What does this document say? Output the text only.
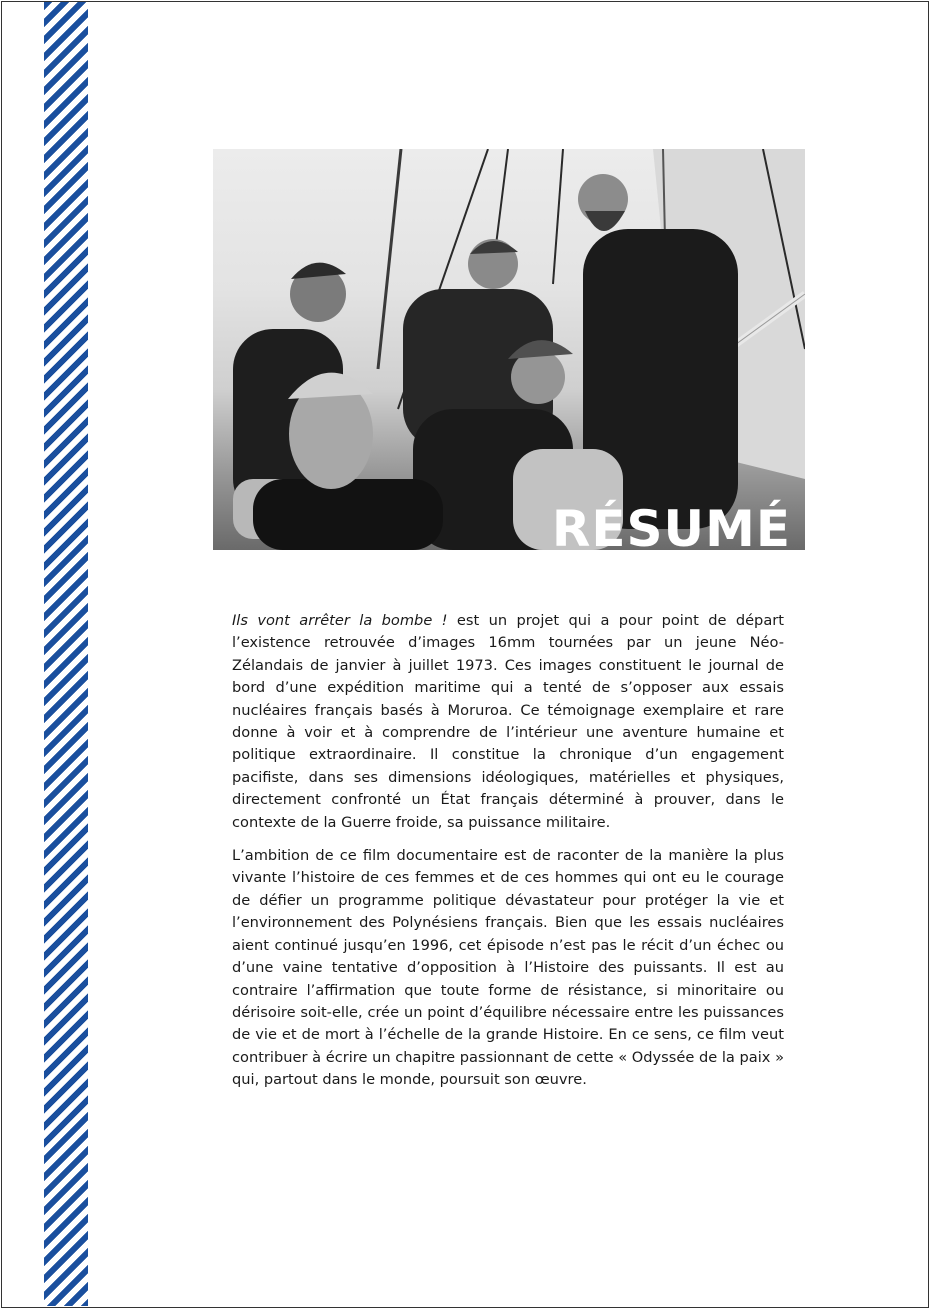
RÉSUMÉ

Ils vont arrêter la bombe ! est un projet qui a pour point de départ l’existence retrouvée d’images 16mm tournées par un jeune Néo-Zélandais de janvier à juillet 1973. Ces images constituent le journal de bord d’une expédition maritime qui a tenté de s’opposer aux essais nucléaires français basés à Moruroa. Ce témoignage exemplaire et rare donne à voir et à comprendre de l’intérieur une aventure humaine et politique extraordinaire. Il constitue la chronique d’un engagement pacifiste, dans ses dimensions idéologiques, matérielles et physiques, directement confronté un État français déterminé à prouver, dans le contexte de la Guerre froide, sa puissance militaire.

L’ambition de ce film documentaire est de raconter de la manière la plus vivante l’histoire de ces femmes et de ces hommes qui ont eu le courage de défier un programme politique dévastateur pour protéger la vie et l’environnement des Polynésiens français. Bien que les essais nucléaires aient continué jusqu’en 1996, cet épisode n’est pas le récit d’un échec ou d’une vaine tentative d’opposition à l’Histoire des puissants. Il est au contraire l’affirmation que toute forme de résistance, si minoritaire ou dérisoire soit-elle, crée un point d’équilibre nécessaire entre les puissances de vie et de mort à l’échelle de la grande Histoire. En ce sens, ce film veut contribuer à écrire un chapitre passionnant de cette « Odyssée de la paix » qui, partout dans le monde, poursuit son œuvre.
